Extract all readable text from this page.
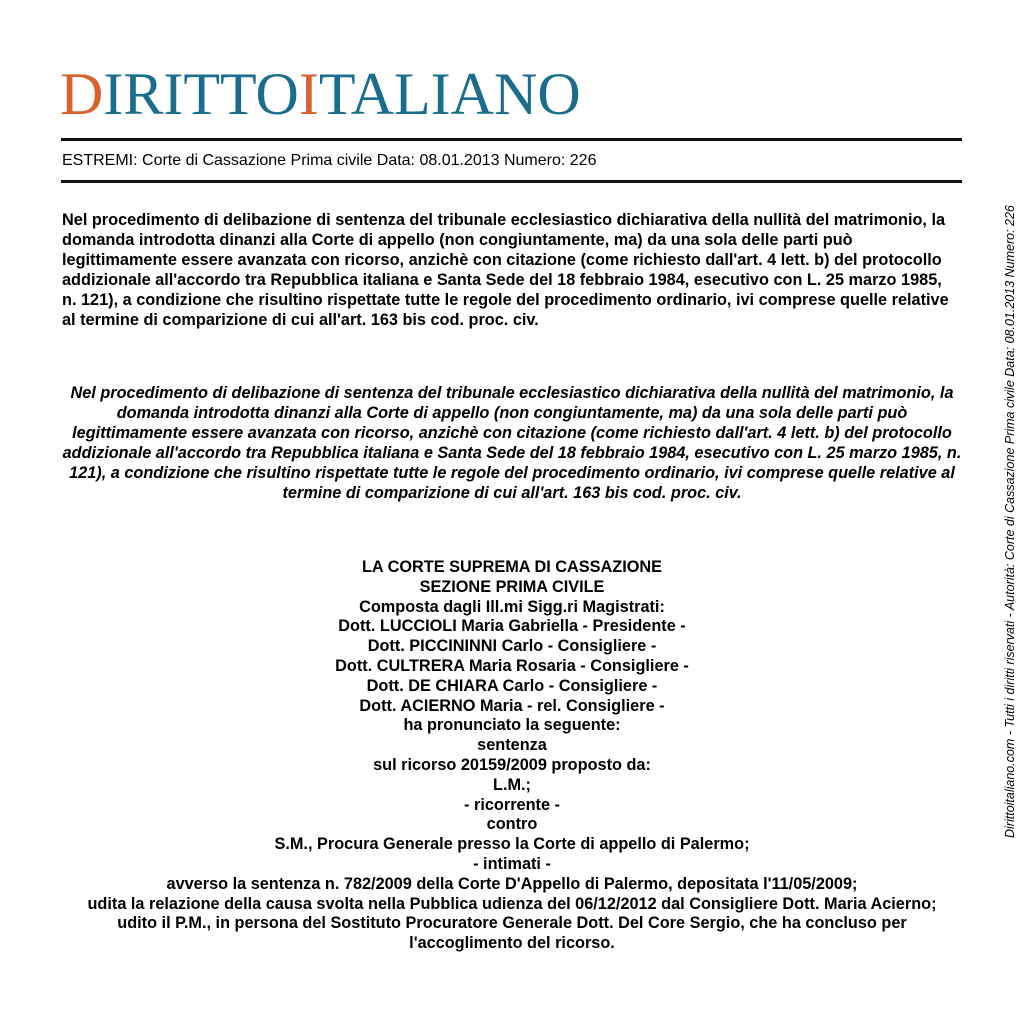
DIRITTOITALIANO
ESTREMI: Corte di Cassazione Prima civile Data: 08.01.2013 Numero: 226
Nel procedimento di delibazione di sentenza del tribunale ecclesiastico dichiarativa della nullità del matrimonio, la domanda introdotta dinanzi alla Corte di appello (non congiuntamente, ma) da una sola delle parti può legittimamente essere avanzata con ricorso, anzichè con citazione (come richiesto dall'art. 4 lett. b) del protocollo addizionale all'accordo tra Repubblica italiana e Santa Sede del 18 febbraio 1984, esecutivo con L. 25 marzo 1985, n. 121), a condizione che risultino rispettate tutte le regole del procedimento ordinario, ivi comprese quelle relative al termine di comparizione di cui all'art. 163 bis cod. proc. civ.
Nel procedimento di delibazione di sentenza del tribunale ecclesiastico dichiarativa della nullità del matrimonio, la domanda introdotta dinanzi alla Corte di appello (non congiuntamente, ma) da una sola delle parti può legittimamente essere avanzata con ricorso, anzichè con citazione (come richiesto dall'art. 4 lett. b) del protocollo addizionale all'accordo tra Repubblica italiana e Santa Sede del 18 febbraio 1984, esecutivo con L. 25 marzo 1985, n. 121), a condizione che risultino rispettate tutte le regole del procedimento ordinario, ivi comprese quelle relative al termine di comparizione di cui all'art. 163 bis cod. proc. civ.
LA CORTE SUPREMA DI CASSAZIONE
SEZIONE PRIMA CIVILE
Composta dagli Ill.mi Sigg.ri Magistrati:
Dott. LUCCIOLI Maria Gabriella - Presidente -
Dott. PICCININNI Carlo - Consigliere -
Dott. CULTRERA Maria Rosaria - Consigliere -
Dott. DE CHIARA Carlo - Consigliere -
Dott. ACIERNO Maria - rel. Consigliere -
ha pronunciato la seguente:
sentenza
sul ricorso 20159/2009 proposto da:
L.M.;
- ricorrente -
contro
S.M., Procura Generale presso la Corte di appello di Palermo;
- intimati -
avverso la sentenza n. 782/2009 della Corte D'Appello di Palermo, depositata l'11/05/2009;
udita la relazione della causa svolta nella Pubblica udienza del 06/12/2012 dal Consigliere Dott. Maria Acierno;
udito il P.M., in persona del Sostituto Procuratore Generale Dott. Del Core Sergio, che ha concluso per l'accoglimento del ricorso.
Dirittoitaliano.com - Tutti i diritti riservati - Autorità: Corte di Cassazione Prima civile Data: 08.01.2013 Numero: 226
